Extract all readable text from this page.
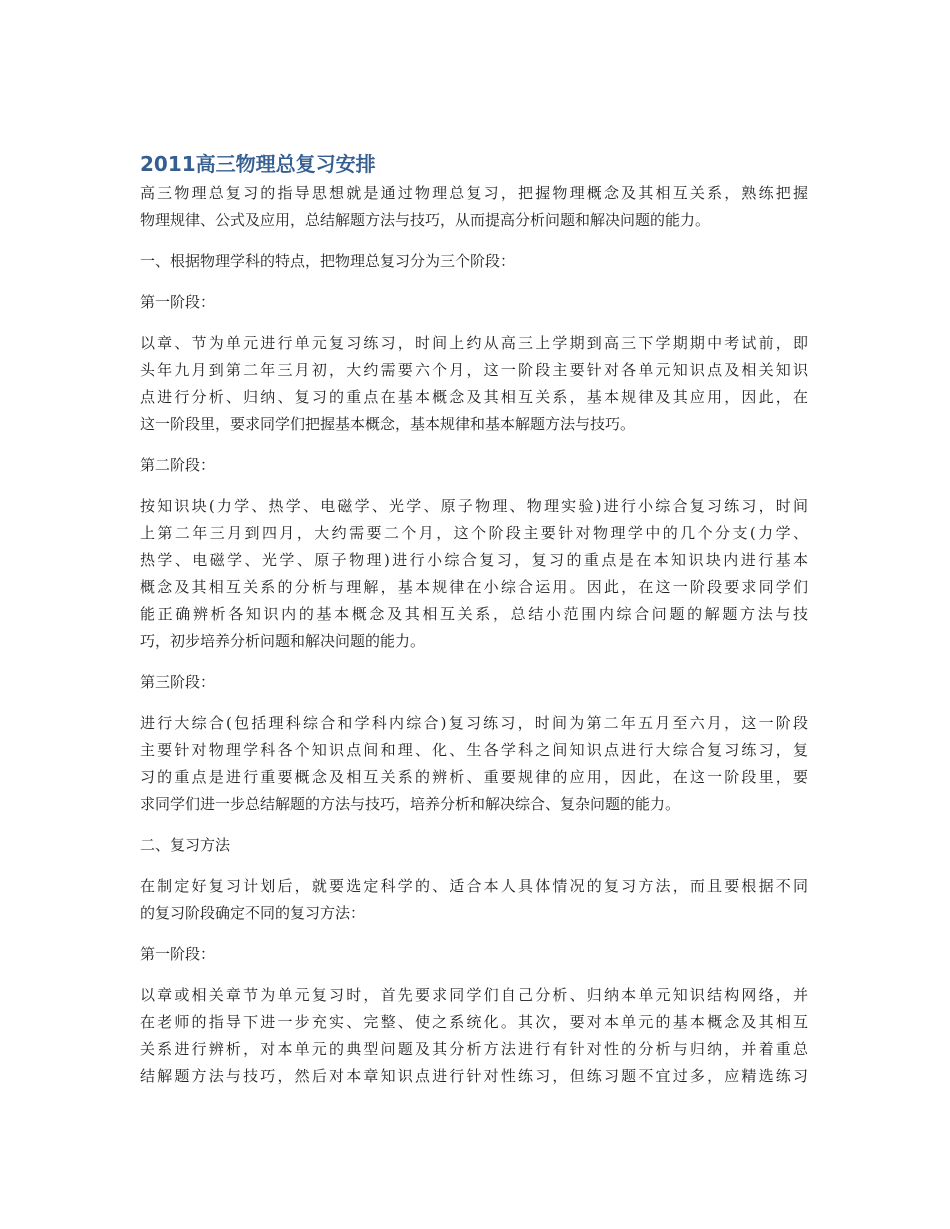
2011高三物理总复习安排

高三物理总复习的指导思想就是通过物理总复习，把握物理概念及其相互关系，熟练把握
物理规律、公式及应用，总结解题方法与技巧，从而提高分析问题和解决问题的能力。

一、根据物理学科的特点，把物理总复习分为三个阶段：

第一阶段：

以章、节为单元进行单元复习练习，时间上约从高三上学期到高三下学期期中考试前，即
头年九月到第二年三月初，大约需要六个月，这一阶段主要针对各单元知识点及相关知识
点进行分析、归纳、复习的重点在基本概念及其相互关系，基本规律及其应用，因此，在
这一阶段里，要求同学们把握基本概念，基本规律和基本解题方法与技巧。

第二阶段：

按知识块(力学、热学、电磁学、光学、原子物理、物理实验)进行小综合复习练习，时间
上第二年三月到四月，大约需要二个月，这个阶段主要针对物理学中的几个分支(力学、
热学、电磁学、光学、原子物理)进行小综合复习，复习的重点是在本知识块内进行基本
概念及其相互关系的分析与理解，基本规律在小综合运用。因此，在这一阶段要求同学们
能正确辨析各知识内的基本概念及其相互关系，总结小范围内综合问题的解题方法与技
巧，初步培养分析问题和解决问题的能力。

第三阶段：

进行大综合(包括理科综合和学科内综合)复习练习，时间为第二年五月至六月，这一阶段
主要针对物理学科各个知识点间和理、化、生各学科之间知识点进行大综合复习练习，复
习的重点是进行重要概念及相互关系的辨析、重要规律的应用，因此，在这一阶段里，要
求同学们进一步总结解题的方法与技巧，培养分析和解决综合、复杂问题的能力。

二、复习方法

在制定好复习计划后，就要选定科学的、适合本人具体情况的复习方法，而且要根据不同
的复习阶段确定不同的复习方法：

第一阶段：

以章或相关章节为单元复习时，首先要求同学们自己分析、归纳本单元知识结构网络，并
在老师的指导下进一步充实、完整、使之系统化。其次，要对本单元的基本概念及其相互
关系进行辨析，对本单元的典型问题及其分析方法进行有针对性的分析与归纳，并着重总
结解题方法与技巧，然后对本章知识点进行针对性练习，但练习题不宜过多，应精选练习
